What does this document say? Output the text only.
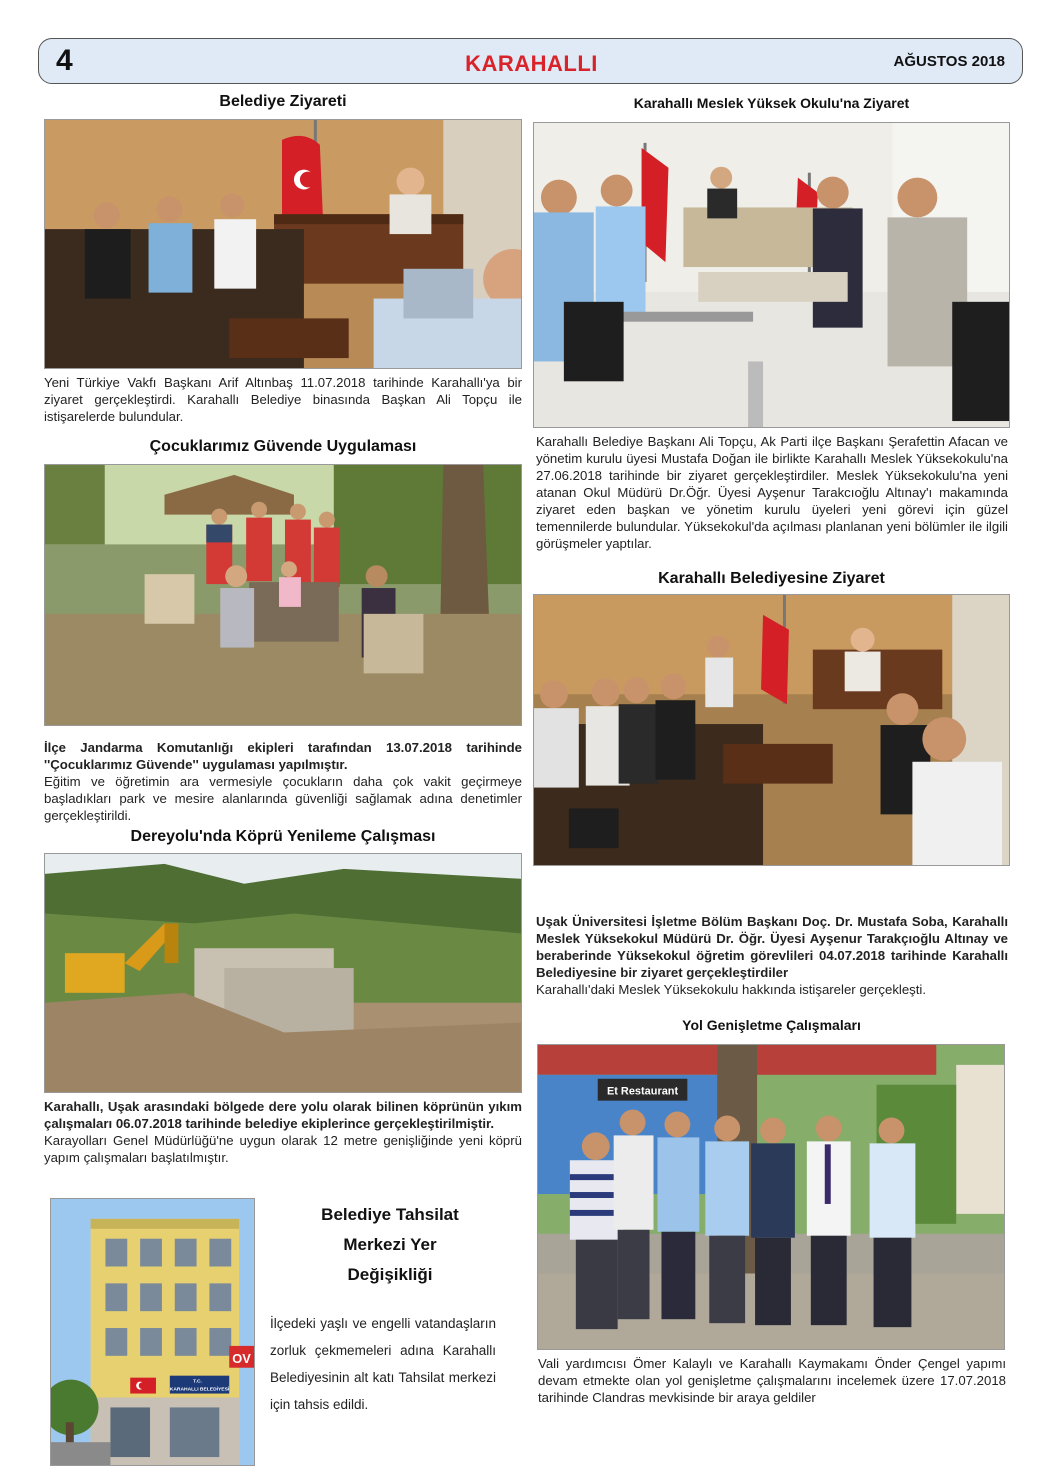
4	KARAHALLI	AĞUSTOS 2018
Belediye Ziyareti
Yeni Türkiye Vakfı Başkanı Arif Altınbaş 11.07.2018 tarihinde Karahallı'ya bir ziyaret gerçekleştirdi. Karahallı Belediye binasında Başkan Ali Topçu ile istişarelerde bulundular.
Çocuklarımız Güvende Uygulaması

İlçe Jandarma Komutanlığı ekipleri tarafından 13.07.2018 tarihinde ''Çocuklarımız Güvende'' uygulaması yapılmıştır.

Eğitim ve öğretimin ara vermesiyle çocukların daha çok vakit geçirmeye başladıkları park ve mesire alanlarında güvenliği sağlamak adına denetimler gerçekleştirildi.

Dereyolu'nda Köprü Yenileme Çalışması

Karahallı, Uşak arasındaki bölgede dere yolu olarak bilinen köprünün yıkım çalışmaları 06.07.2018 tarihinde belediye ekiplerince gerçekleştirilmiştir.

Karayolları Genel Müdürlüğü'ne uygun olarak 12 metre genişliğinde yeni köprü yapım çalışmaları başlatılmıştır.

OV
T.C.
KARAHALLI BELEDİYESİ
Belediye Tahsilat
Merkezi Yer
Değişikliği
İlçedeki yaşlı ve engelli vatandaşların zorluk çekmemeleri adına Karahallı Belediyesinin alt katı Tahsilat merkezi için tahsis edildi.
Karahallı Meslek Yüksek Okulu'na Ziyaret
Karahallı Belediye Başkanı Ali Topçu, Ak Parti ilçe Başkanı Şerafettin Afacan ve yönetim kurulu üyesi Mustafa Doğan ile birlikte Karahallı Meslek Yüksekokulu'na 27.06.2018 tarihinde bir ziyaret gerçekleştirdiler. Meslek Yüksekokulu'na yeni atanan Okul Müdürü Dr.Öğr. Üyesi Ayşenur Tarakcıoğlu Altınay'ı makamında ziyaret eden başkan ve yönetim kurulu üyeleri yeni görevi için güzel temennilerde bulundular. Yüksekokul'da açılması planlanan yeni bölümler ile ilgili görüşmeler yaptılar.
Karahallı Belediyesine Ziyaret

Uşak Üniversitesi İşletme Bölüm Başkanı Doç. Dr. Mustafa Soba, Karahallı Meslek Yüksekokul Müdürü Dr. Öğr. Üyesi Ayşenur Tarakçıoğlu Altınay ve beraberinde Yüksekokul öğretim görevlileri 04.07.2018 tarihinde Karahallı Belediyesine bir ziyaret gerçekleştirdiler

Karahallı'daki Meslek Yüksekokulu hakkında istişareler gerçekleşti.

Yol Genişletme Çalışmaları
Et Restaurant
Vali yardımcısı Ömer Kalaylı ve Karahallı Kaymakamı Önder Çengel yapımı devam etmekte olan yol genişletme çalışmalarını incelemek üzere 17.07.2018 tarihinde Clandras mevkisinde bir araya geldiler
